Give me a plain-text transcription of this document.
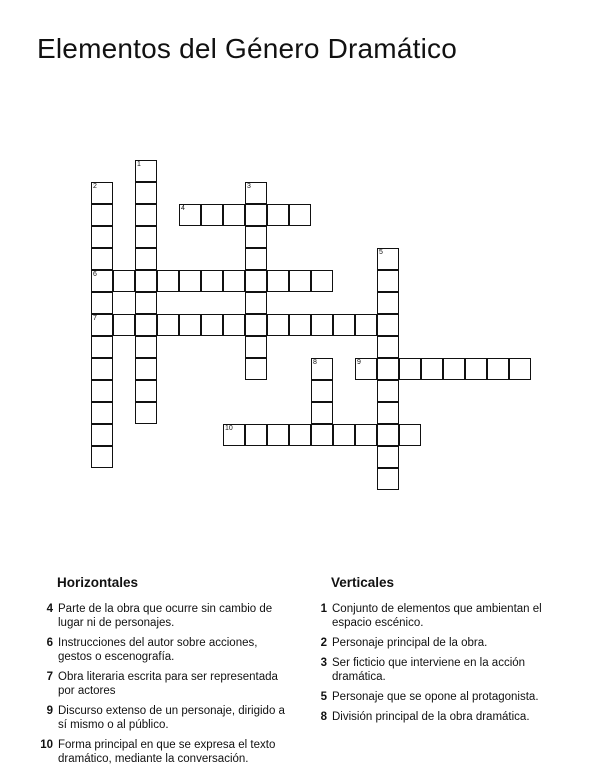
Elementos del Género Dramático
1
2
6
7
3
4
5
8	9
10
Horizontales
4 Parte de la obra que ocurre sin cambio de lugar ni de personajes.
6 Instrucciones del autor sobre acciones, gestos o escenografía.
7 Obra literaria escrita para ser representada por actores
9 Discurso extenso de un personaje, dirigido a sí mismo o al público.
10 Forma principal en que se expresa el texto dramático, mediante la conversación.
Verticales
1 Conjunto de elementos que ambientan el espacio escénico.
2 Personaje principal de la obra.
3 Ser ficticio que interviene en la acción dramática.
5 Personaje que se opone al protagonista.
8 División principal de la obra dramática.
